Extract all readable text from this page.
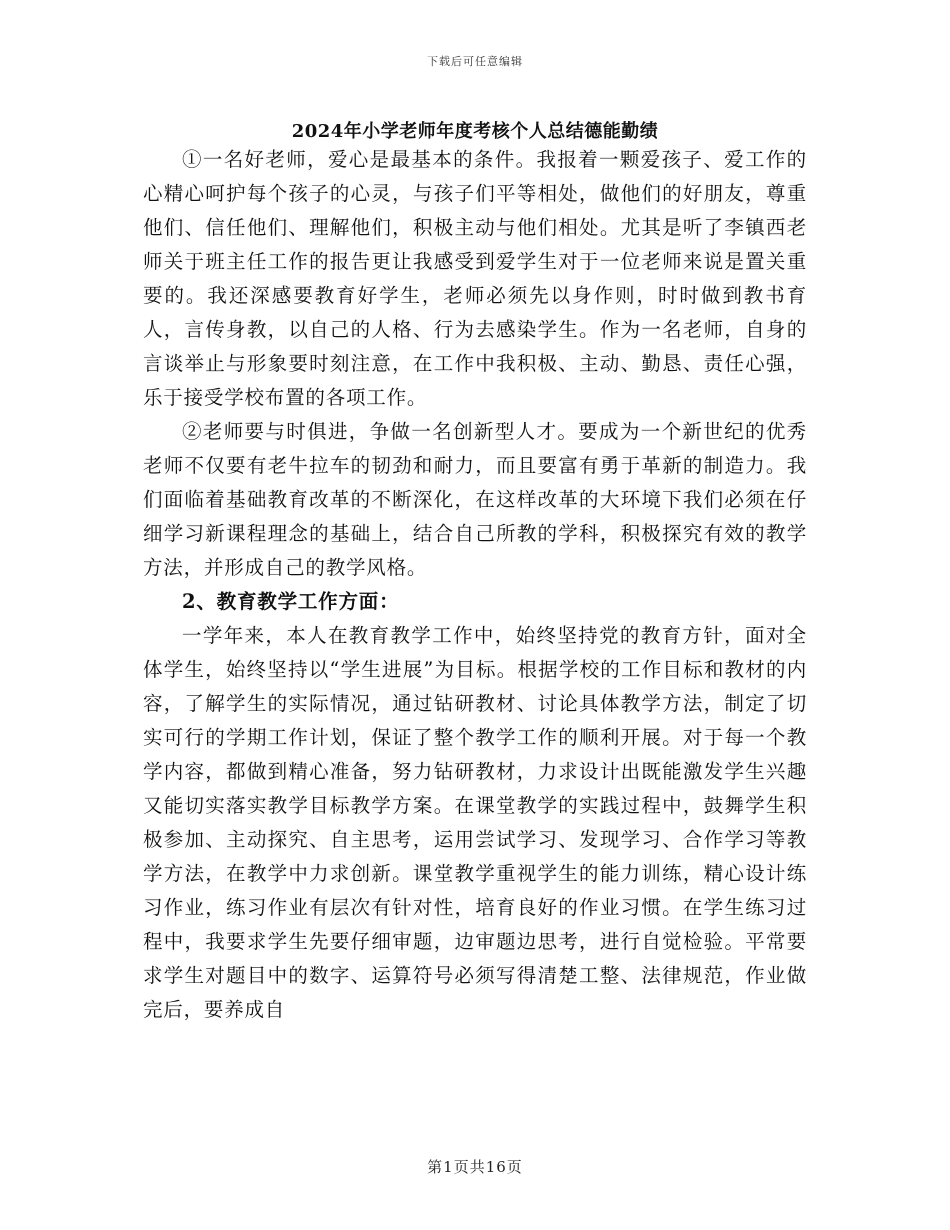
下载后可任意编辑
2024年小学老师年度考核个人总结德能勤绩

①一名好老师，爱心是最基本的条件。我报着一颗爱孩子、爱工作的心精心呵护每个孩子的心灵，与孩子们平等相处，做他们的好朋友，尊重他们、信任他们、理解他们，积极主动与他们相处。尤其是听了李镇西老师关于班主任工作的报告更让我感受到爱学生对于一位老师来说是置关重要的。我还深感要教育好学生，老师必须先以身作则，时时做到教书育人，言传身教，以自己的人格、行为去感染学生。作为一名老师，自身的言谈举止与形象要时刻注意，在工作中我积极、主动、勤恳、责任心强，乐于接受学校布置的各项工作。

②老师要与时俱进，争做一名创新型人才。要成为一个新世纪的优秀老师不仅要有老牛拉车的韧劲和耐力，而且要富有勇于革新的制造力。我们面临着基础教育改革的不断深化，在这样改革的大环境下我们必须在仔细学习新课程理念的基础上，结合自己所教的学科，积极探究有效的教学方法，并形成自己的教学风格。

2、教育教学工作方面：

一学年来，本人在教育教学工作中，始终坚持党的教育方针，面对全体学生，始终坚持以“学生进展”为目标。根据学校的工作目标和教材的内容，了解学生的实际情况，通过钻研教材、讨论具体教学方法，制定了切实可行的学期工作计划，保证了整个教学工作的顺利开展。对于每一个教学内容，都做到精心准备，努力钻研教材，力求设计出既能激发学生兴趣又能切实落实教学目标教学方案。在课堂教学的实践过程中，鼓舞学生积极参加、主动探究、自主思考，运用尝试学习、发现学习、合作学习等教学方法，在教学中力求创新。课堂教学重视学生的能力训练，精心设计练习作业，练习作业有层次有针对性，培育良好的作业习惯。在学生练习过程中，我要求学生先要仔细审题，边审题边思考，进行自觉检验。平常要求学生对题目中的数字、运算符号必须写得清楚工整、法律规范，作业做完后，要养成自

第1页共16页
